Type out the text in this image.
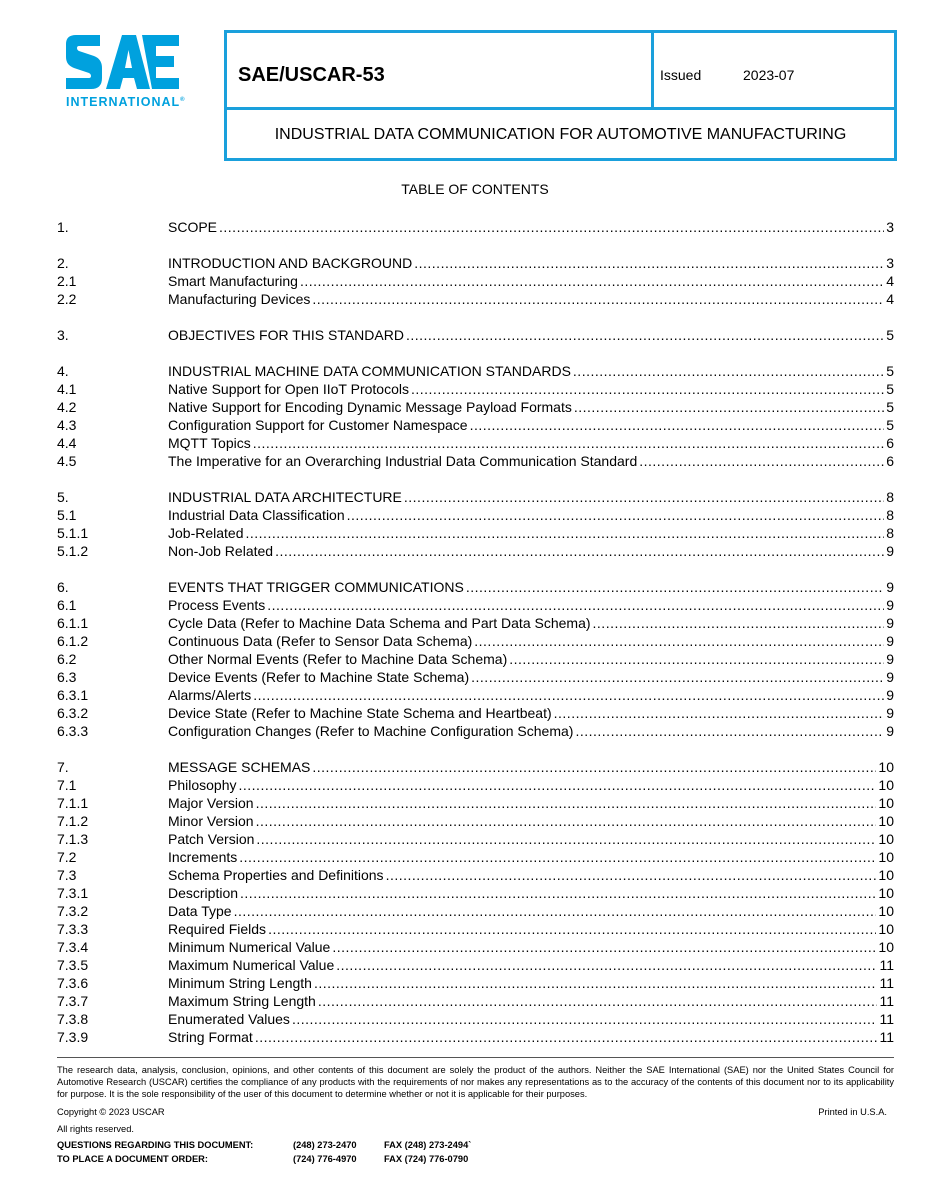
INTERNATIONAL®
SAE/USCAR-53	Issued	2023-07
INDUSTRIAL DATA COMMUNICATION FOR AUTOMOTIVE MANUFACTURING
TABLE OF CONTENTS
1.	SCOPE .....	3
2.	INTRODUCTION AND BACKGROUND .....	3
2.1	Smart Manufacturing .....	4
2.2	Manufacturing Devices .....	4
3.	OBJECTIVES FOR THIS STANDARD .....	5
4.	INDUSTRIAL MACHINE DATA COMMUNICATION STANDARDS .....	5
4.1	Native Support for Open IIoT Protocols .....	5
4.2	Native Support for Encoding Dynamic Message Payload Formats .....	5
4.3	Configuration Support for Customer Namespace .....	5
4.4	MQTT Topics .....	6
4.5	The Imperative for an Overarching Industrial Data Communication Standard .....	6
5.	INDUSTRIAL DATA ARCHITECTURE .....	8
5.1	Industrial Data Classification .....	8
5.1.1	Job-Related .....	8
5.1.2	Non-Job Related .....	9
6.	EVENTS THAT TRIGGER COMMUNICATIONS .....	9
6.1	Process Events .....	9
6.1.1	Cycle Data (Refer to Machine Data Schema and Part Data Schema) .....	9
6.1.2	Continuous Data (Refer to Sensor Data Schema) .....	9
6.2	Other Normal Events (Refer to Machine Data Schema) .....	9
6.3	Device Events (Refer to Machine State Schema) .....	9
6.3.1	Alarms/Alerts .....	9
6.3.2	Device State (Refer to Machine State Schema and Heartbeat) .....	9
6.3.3	Configuration Changes (Refer to Machine Configuration Schema) .....	9
7.	MESSAGE SCHEMAS .....	10
7.1	Philosophy .....	10
7.1.1	Major Version .....	10
7.1.2	Minor Version .....	10
7.1.3	Patch Version .....	10
7.2	Increments .....	10
7.3	Schema Properties and Definitions .....	10
7.3.1	Description .....	10
7.3.2	Data Type .....	10
7.3.3	Required Fields .....	10
7.3.4	Minimum Numerical Value .....	10
7.3.5	Maximum Numerical Value .....	11
7.3.6	Minimum String Length .....	11
7.3.7	Maximum String Length .....	11
7.3.8	Enumerated Values .....	11
7.3.9	String Format .....	11
The research data, analysis, conclusion, opinions, and other contents of this document are solely the product of the authors. Neither the SAE International (SAE) nor the United States Council for Automotive Research (USCAR) certifies the compliance of any products with the requirements of nor makes any representations as to the accuracy of the contents of this document nor to its applicability for purpose. It is the sole responsibility of the user of this document to determine whether or not it is applicable for their purposes.
Copyright © 2023 USCAR	Printed in U.S.A.
All rights reserved.
QUESTIONS REGARDING THIS DOCUMENT:	(248) 273-2470	FAX (248) 273-2494`
TO PLACE A DOCUMENT ORDER:	(724) 776-4970	FAX (724) 776-0790
